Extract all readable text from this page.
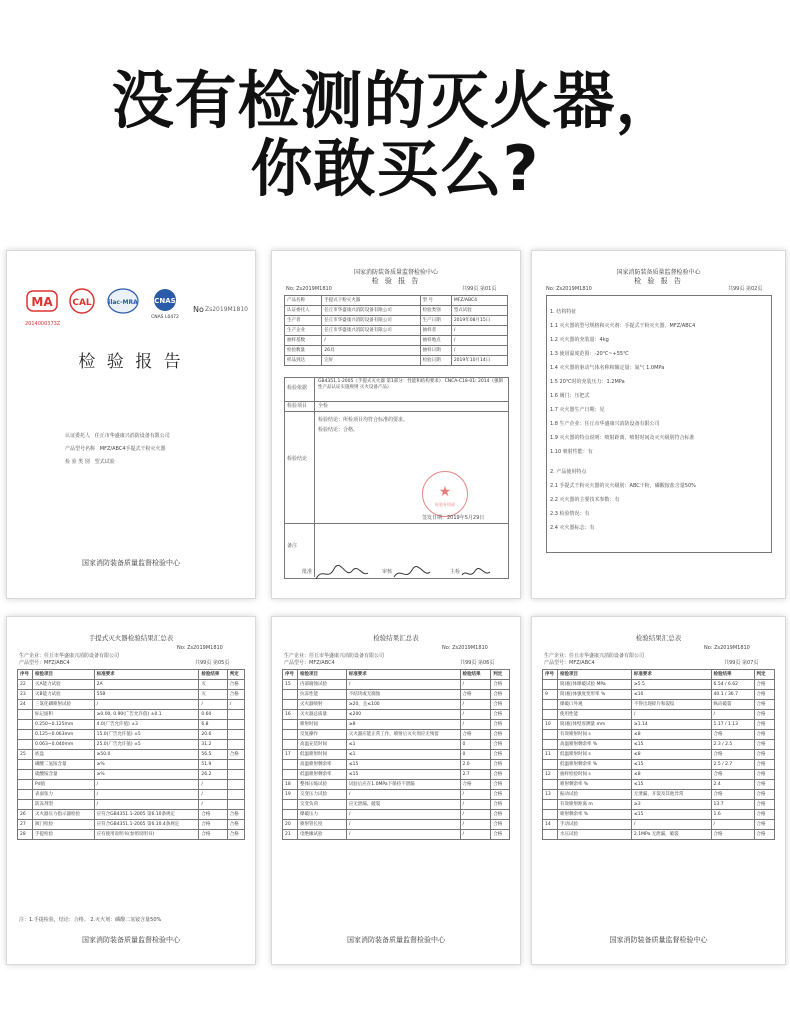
没有检测的灭火器，
你敢买么?
MA CAL	ilac-MRA CNAS
CNAS L0472
2014000373Z
No Zs2019M1810
检 验 报 告
认证委托人 任丘市华盛康兴消防设备有限公司
产品型号名称 MFZ/ABC4手提式干粉灭火器
检 验 类 别 型式试验
国家消防装备质量监督检验中心
国家消防装备质量监督检验中心
检 验 报 告
No: Zs2019M1810	共99页 第01页
产品名称	手提式干粉灭火器	型 号	MFZ/ABC4
认证委托人	任丘市华盛康兴消防设备有限公司	检验类别	型式试验
生产者	任丘市华盛康兴消防设备有限公司	生产日期	2019年08月15日
生产企业	任丘市华盛康兴消防设备有限公司	抽样者	/
抽样基数	/	抽样地点	/
检验数量	26具	抽样日期	/
样品到达	完好	检验日期	2019年10月14日
检验依据
GB4351.1-2005《手提式灭火器 第1部分：性能和结构要求》 CNCA-C18-01: 2014《强制性产品认证实施规则 灭火设备产品》
检验项目 全检
检验结论
检验结论：所检项目均符合标准的要求。
检验结论：合格。
★
检验专用章
签发日期：2019年5月29日
备注
批准	审核	主检
国家消防装备质量监督检验中心
检 验 报 告
No: Zs2019M1810	共99页 第02页
1. 结构特征
1.1 灭火器的型号规格和灭火剂：手提式干粉灭火器，MFZ/ABC4
1.2 灭火器的充装量：4kg
1.3 使用温度范围：-20℃~+55℃
1.4 灭火器的驱动气体名称和额定量：氮气 1.0MPa
1.5 20℃时的充装压力：1.2MPa
1.6 阀门：压把式
1.7 灭火器生产日期：见
1.8 生产企业：任丘市华盛康兴消防设备有限公司
1.9 灭火器的特点说明：喷射距离、喷射时间及灭火级别符合标准
1.10 喷射性能：有
2. 产品使用特点
2.1 手提式干粉灭火器的灭火级别：ABC干粉，磷酸铵盐含量50%
2.2 灭火器的主要技术参数：有
2.3 检验情况：有
2.4 灭火器标志：有
手提式灭火器检验结果汇总表
No: Zs2019M1810
生产企业：任丘市华盛康兴消防设备有限公司
产品型号：MFZ/ABC4	共99页 第05页
序号	检验项目	标准要求	检验结果	判定
22	灭A能力试验	2A	灭	合格
23	灭B能力试验	55B	灭	合格
24	三氯化磷喷射试验	/	/	/
	标记面积	≥0.00, 0.90(广告允许值) ±0.1	0.60	
	0.250~0.125mm	4.0(广告允许值) ±3	6.8	
	0.125~0.063mm	15.0(广告允许值) ±5	20.6	
	0.063~0.040mm	25.0(广告允许值) ±5	31.2	
25	底盘	≥50.0	56.5	合格
	磷酸二氢铵含量	≥%	51.9	
	硫酸铵含量	≥%	26.2	
	Pd值	/	/	
	表面张力	/	/	
	防冻剂型	/	/	
26	灭火器压力指示器检验	应符合GB4351.1-2005 第6.10条规定	合格	合格
27	阀门检验	应符合GB4351.1-2005 第6.10.4条规定	合格	合格
28	手提检验	应有使用说明书(参照说明书)	合格	合格
注：1.手提检验，结论：合格。 2.灭火剂：磷酸二氢铵含量50%
国家消防装备质量监督检验中心
检验结果汇总表
No: Zs2019M1810
生产企业：任丘市华盛康兴消防设备有限公司
产品型号：MFZ/ABC4	共99页 第06页
序号	检验项目	标准要求	检验结果	判定
15	内部腐蚀试验	/	/	合格
	抗冻性能	不结块或无腐蚀	合格	合格
	灭火器喷射	≥20，且≤100	/	合格
16	灭火器总质量	≤200	/	合格
	喷射时间	≥8	/	合格
	反复操作	灭火器应能正常工作，喷射后灭火剂应无残留	合格	合格
	高温充装时间	≤1	0	合格
17	低温喷射时间	≤1	0	合格
	高温喷射剩余率	≤15	2.0	合格
	低温喷射剩余率	≤15	2.7	合格
18	整体压缩试验	试验后应在1.0MPa下保持不泄漏	合格	合格
19	交变压力试验	/	/	合格
	交变负荷	应无泄漏、破裂	/	合格
	爆破压力	/	/	合格
20	喷射管长度	/	/	合格
21	电绝缘试验	/	/	合格
国家消防装备质量监督检验中心
检验结果汇总表
No: Zs2019M1810
生产企业：任丘市华盛康兴消防设备有限公司
产品型号：MFZ/ABC4	共99页 第07页
序号	检验项目	标准要求	检验结果	判定
	筒(瓶)体爆破试验 MPa	≥5.5	6.54 / 6.62	合格
9	筒(瓶)体强度变形率 %	≤10	40.1 / 36.7	合格
	爆破口外观	不得出现碎片和裂纹	纵向破裂	合格
	使用性能	/	/	合格
10	筒(瓶)体壁厚测量 mm	≥1.14	1.17 / 1.13	合格
	有效喷射时间 s	≤8	合格	合格
	高温喷射剩余率 %	≤15	2.3 / 2.5	合格
11	低温喷射时间 s	≤8	合格	合格
	低温喷射剩余率 %	≤15	2.5 / 2.7	合格
12	抽样检验时间 s	≤8	合格	合格
	喷射剩余率 %	≤15	2.4	合格
13	振动试验	无泄漏，开裂及其他异常	合格	合格
	有效喷射距离 m	≥3	13.7	合格
	喷射剩余率 %	≤15	1.6	合格
14	手动试验	/	/	合格
	水压试验	2.1MPa 无泄漏，破裂	合格	合格
国家消防装备质量监督检验中心
